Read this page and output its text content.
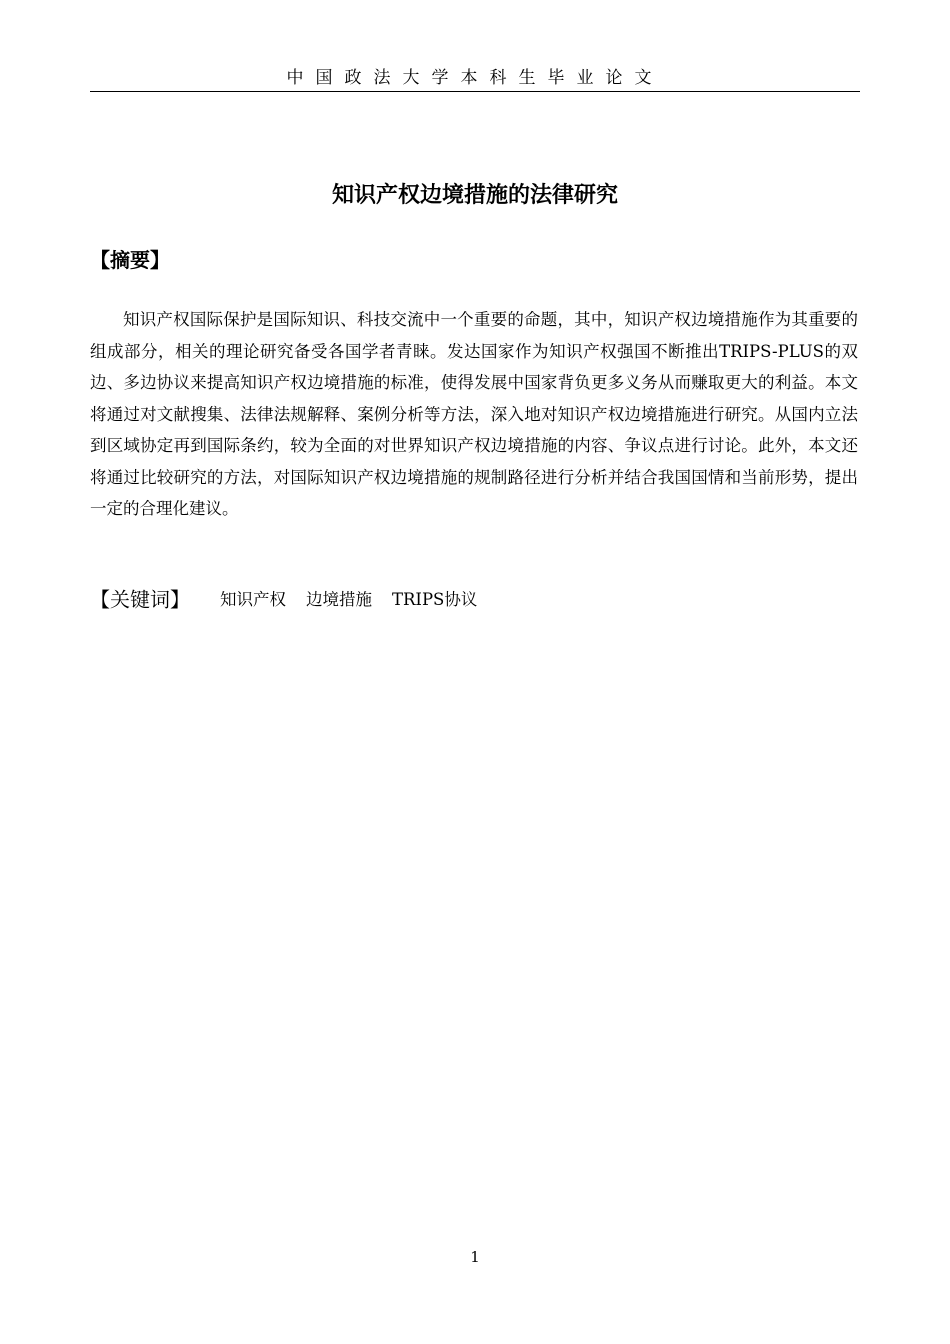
中国政法大学本科生毕业论文
知识产权边境措施的法律研究
【摘要】

知识产权国际保护是国际知识、科技交流中一个重要的命题，其中，知识产权边境措施作为其重要的组成部分，相关的理论研究备受各国学者青睐。发达国家作为知识产权强国不断推出TRIPS-PLUS的双边、多边协议来提高知识产权边境措施的标准，使得发展中国家背负更多义务从而赚取更大的利益。本文将通过对文献搜集、法律法规解释、案例分析等方法，深入地对知识产权边境措施进行研究。从国内立法到区域协定再到国际条约，较为全面的对世界知识产权边境措施的内容、争议点进行讨论。此外，本文还将通过比较研究的方法，对国际知识产权边境措施的规制路径进行分析并结合我国国情和当前形势，提出一定的合理化建议。

【关键词】 知识产权 边境措施 TRIPS协议
1
